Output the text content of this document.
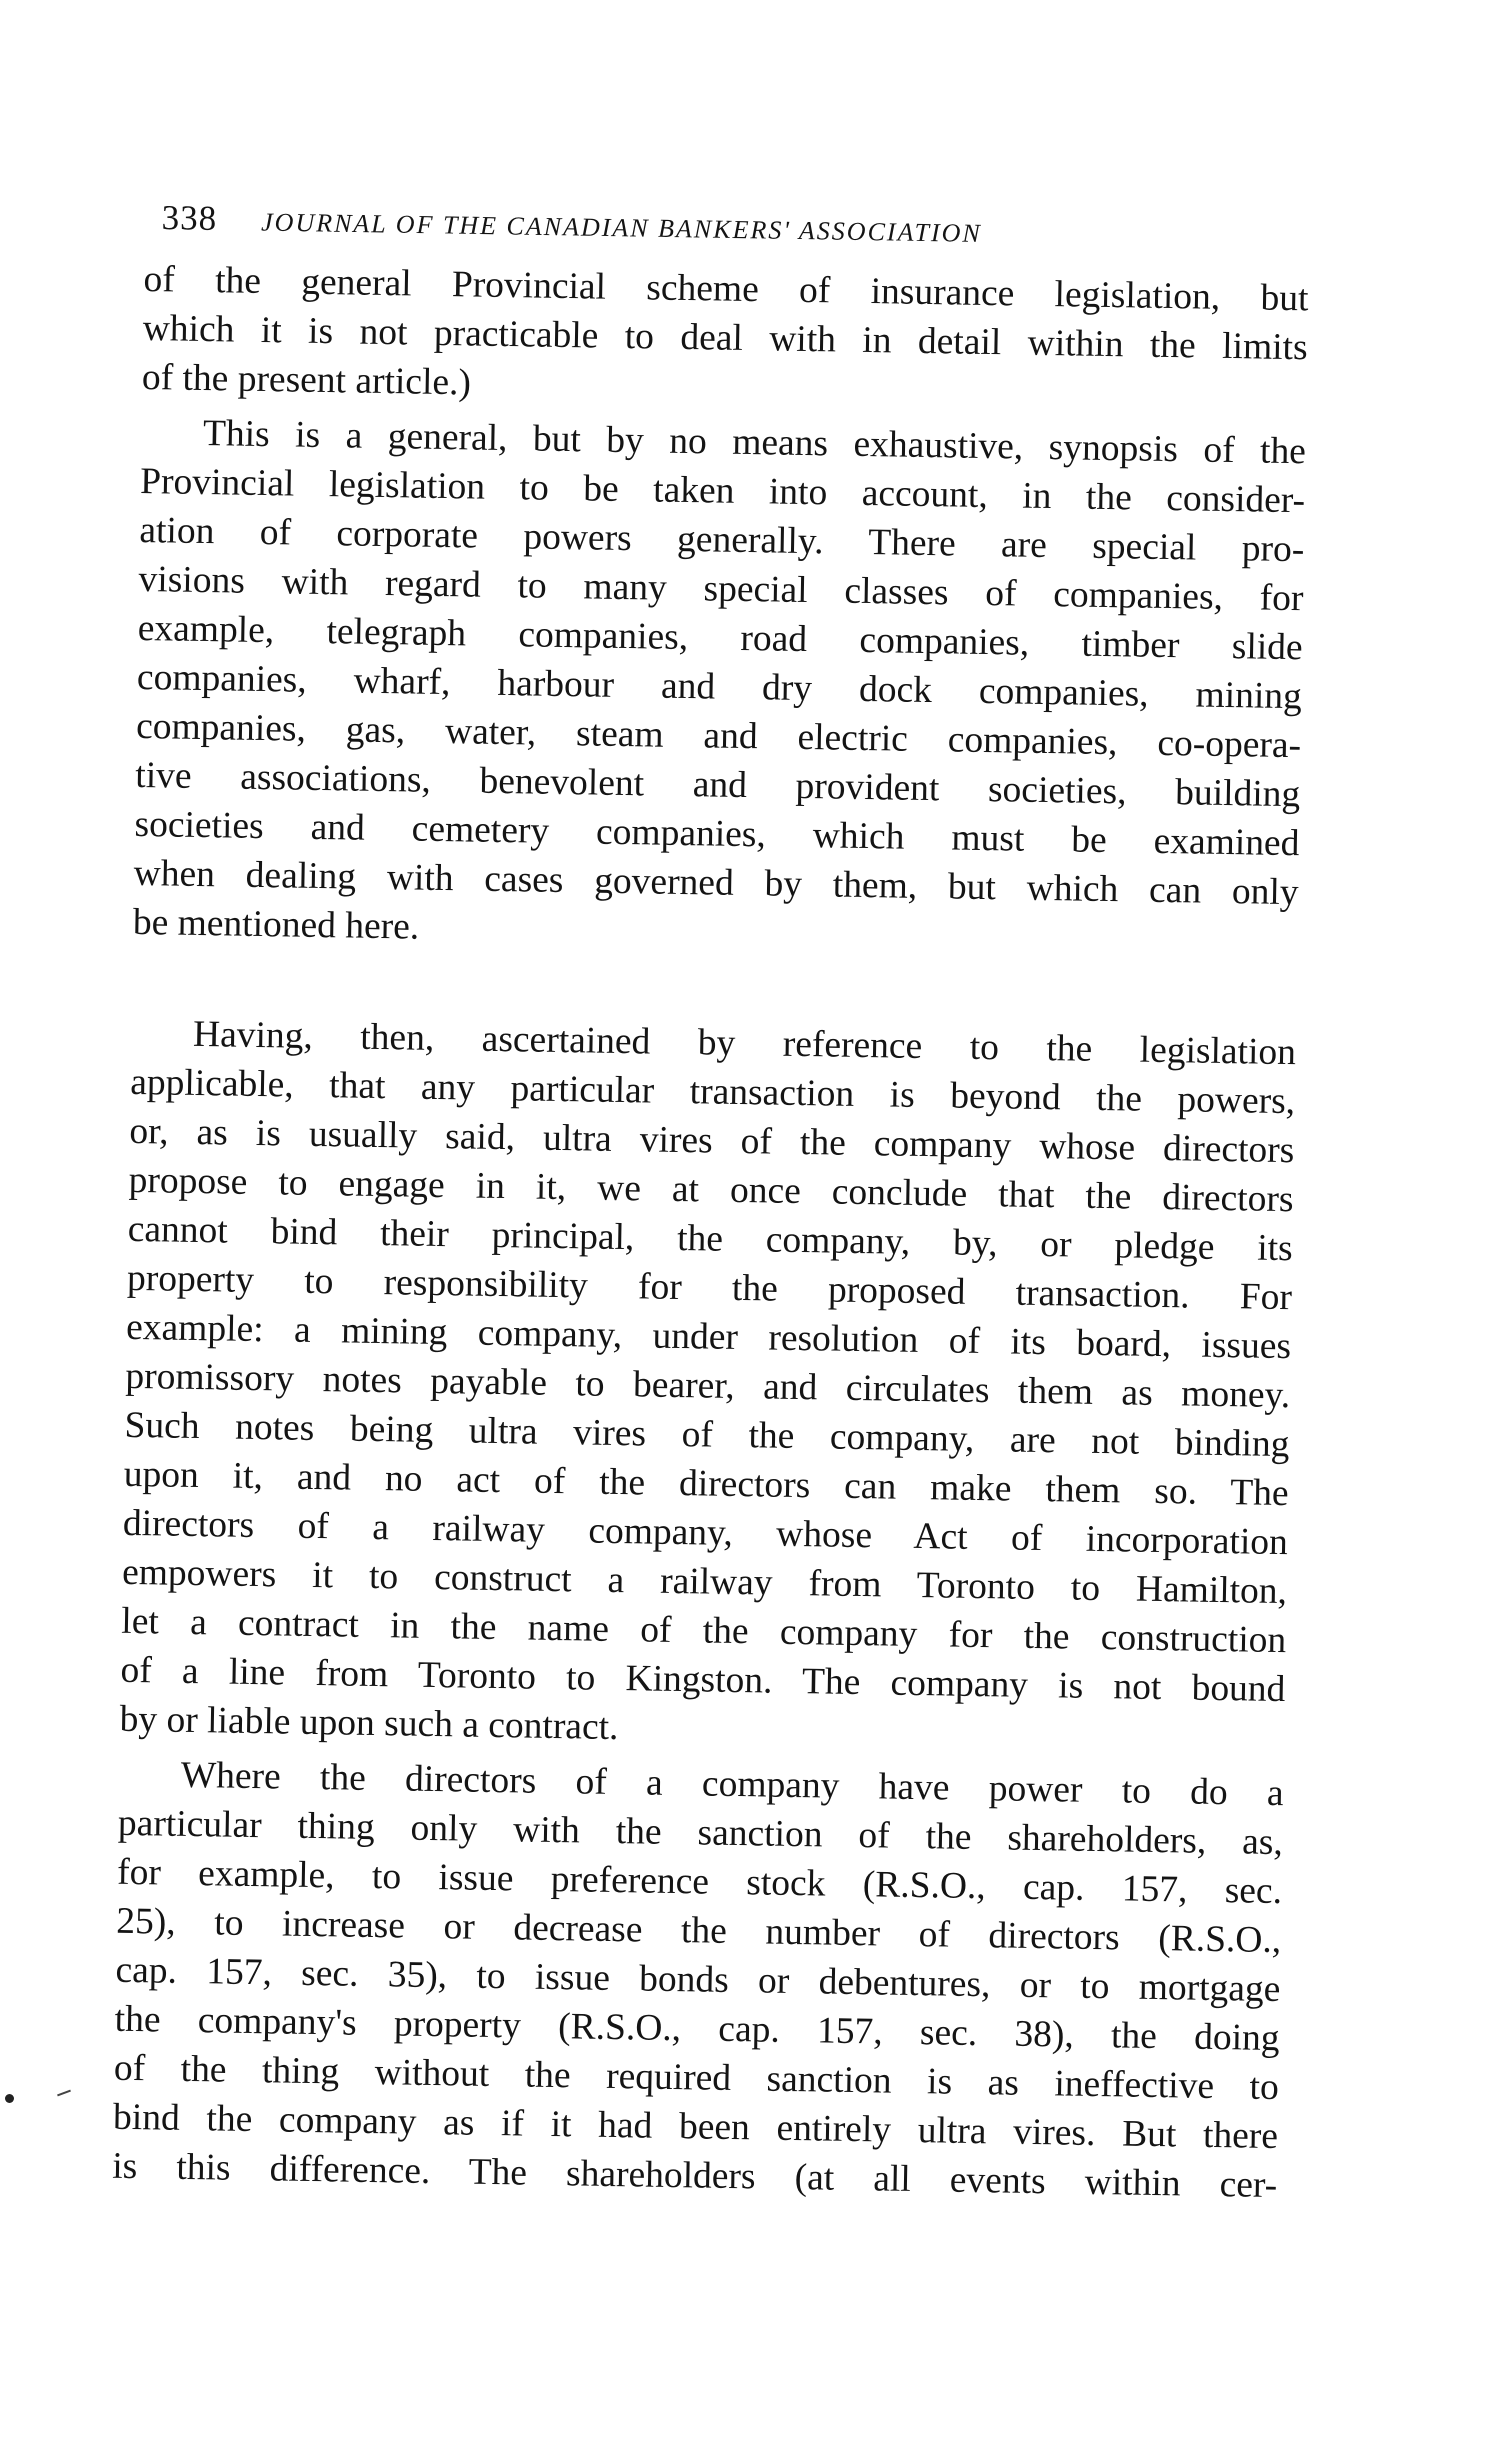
338 JOURNAL OF THE CANADIAN BANKERS' ASSOCIATION
of the general Provincial scheme of insurance legislation, but
which it is not practicable to deal with in detail within the limits
of the present article.)
This is a general, but by no means exhaustive, synopsis of the
Provincial legislation to be taken into account, in the consider-
ation of corporate powers generally. There are special pro-
visions with regard to many special classes of companies, for
example, telegraph companies, road companies, timber slide
companies, wharf, harbour and dry dock companies, mining
companies, gas, water, steam and electric companies, co-opera-
tive associations, benevolent and provident societies, building
societies and cemetery companies, which must be examined
when dealing with cases governed by them, but which can only
be mentioned here.
Having, then, ascertained by reference to the legislation
applicable, that any particular transaction is beyond the powers,
or, as is usually said, ultra vires of the company whose directors
propose to engage in it, we at once conclude that the directors
cannot bind their principal, the company, by, or pledge its
property to responsibility for the proposed transaction. For
example: a mining company, under resolution of its board, issues
promissory notes payable to bearer, and circulates them as money.
Such notes being ultra vires of the company, are not binding
upon it, and no act of the directors can make them so. The
directors of a railway company, whose Act of incorporation
empowers it to construct a railway from Toronto to Hamilton,
let a contract in the name of the company for the construction
of a line from Toronto to Kingston. The company is not bound
by or liable upon such a contract.
Where the directors of a company have power to do a
particular thing only with the sanction of the shareholders, as,
for example, to issue preference stock (R.S.O., cap. 157, sec.
25), to increase or decrease the number of directors (R.S.O.,
cap. 157, sec. 35), to issue bonds or debentures, or to mortgage
the company's property (R.S.O., cap. 157, sec. 38), the doing
of the thing without the required sanction is as ineffective to
bind the company as if it had been entirely ultra vires. But there
is this difference. The shareholders (at all events within cer-
